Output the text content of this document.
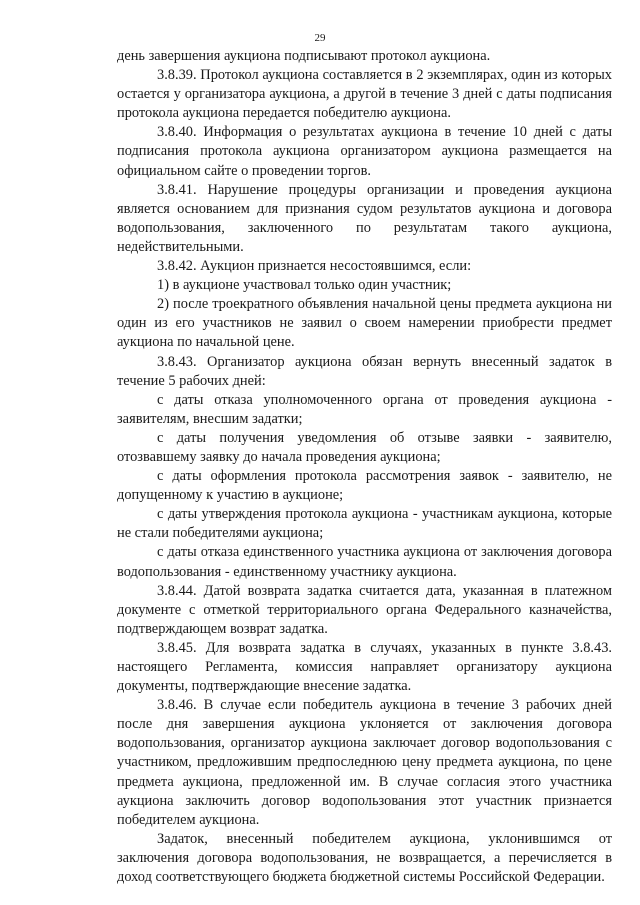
29

день завершения аукциона подписывают протокол аукциона.

3.8.39. Протокол аукциона составляется в 2 экземплярах, один из которых остается у организатора аукциона, а другой в течение 3 дней с даты подписания протокола аукциона передается победителю аукциона.

3.8.40. Информация о результатах аукциона в течение 10 дней с даты подписания протокола аукциона организатором аукциона размещается на официальном сайте о проведении торгов.

3.8.41. Нарушение процедуры организации и проведения аукциона является основанием для признания судом результатов аукциона и договора водопользования, заключенного по результатам такого аукциона, недействительными.

3.8.42. Аукцион признается несостоявшимся, если:

1) в аукционе участвовал только один участник;

2) после троекратного объявления начальной цены предмета аукциона ни один из его участников не заявил о своем намерении приобрести предмет аукциона по начальной цене.

3.8.43. Организатор аукциона обязан вернуть внесенный задаток в течение 5 рабочих дней:

с даты отказа уполномоченного органа от проведения аукциона - заявителям, внесшим задатки;

с даты получения уведомления об отзыве заявки - заявителю, отозвавшему заявку до начала проведения аукциона;

с даты оформления протокола рассмотрения заявок - заявителю, не допущенному к участию в аукционе;

с даты утверждения протокола аукциона - участникам аукциона, которые не стали победителями аукциона;

с даты отказа единственного участника аукциона от заключения договора водопользования - единственному участнику аукциона.

3.8.44. Датой возврата задатка считается дата, указанная в платежном документе с отметкой территориального органа Федерального казначейства, подтверждающем возврат задатка.

3.8.45. Для возврата задатка в случаях, указанных в пункте 3.8.43. настоящего Регламента, комиссия направляет организатору аукциона документы, подтверждающие внесение задатка.

3.8.46. В случае если победитель аукциона в течение 3 рабочих дней после дня завершения аукциона уклоняется от заключения договора водопользования, организатор аукциона заключает договор водопользования с участником, предложившим предпоследнюю цену предмета аукциона, по цене предмета аукциона, предложенной им. В случае согласия этого участника аукциона заключить договор водопользования этот участник признается победителем аукциона.

Задаток, внесенный победителем аукциона, уклонившимся от заключения договора водопользования, не возвращается, а перечисляется в доход соответствующего бюджета бюджетной системы Российской Федерации.
